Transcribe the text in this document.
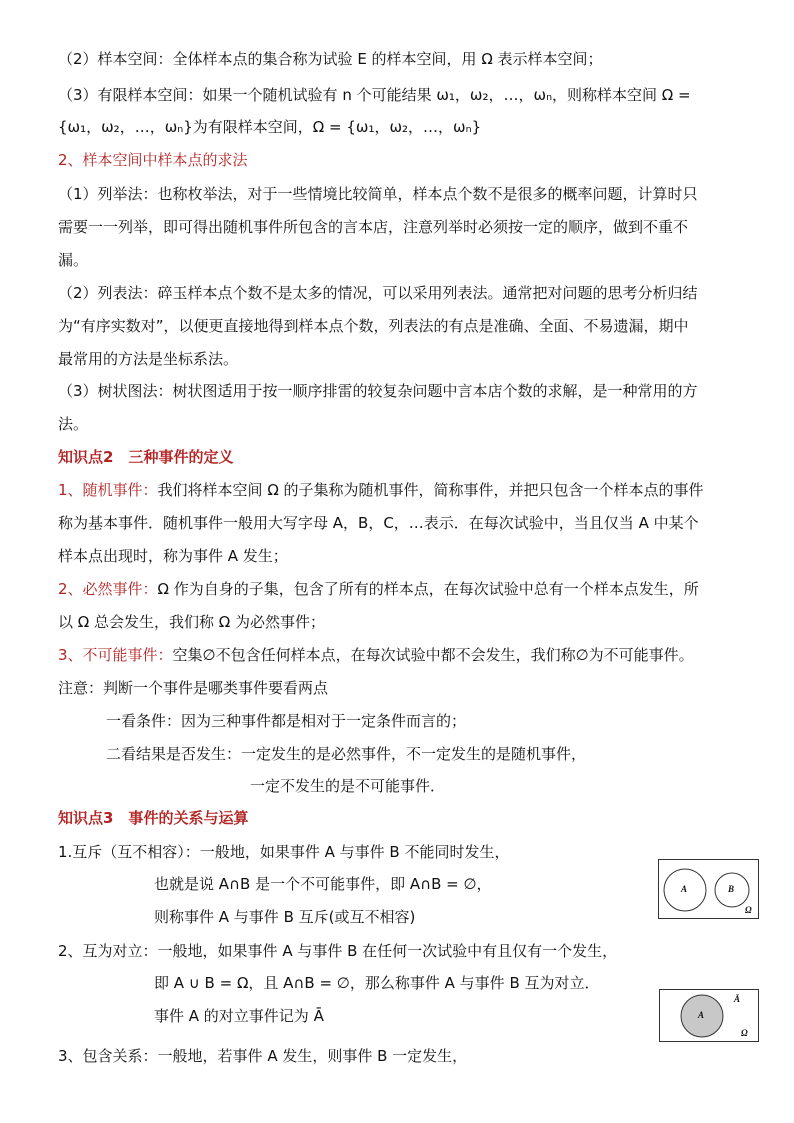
（2）样本空间：全体样本点的集合称为试验 E 的样本空间，用 Ω 表示样本空间；
（3）有限样本空间：如果一个随机试验有 n 个可能结果 ω₁，ω₂，…，ωₙ，则称样本空间 Ω =
{ω₁，ω₂，…，ωₙ}为有限样本空间，Ω = {ω₁，ω₂，…，ωₙ}
2、样本空间中样本点的求法
（1）列举法：也称枚举法，对于一些情境比较简单，样本点个数不是很多的概率问题，计算时只
需要一一列举，即可得出随机事件所包含的言本店，注意列举时必须按一定的顺序，做到不重不
漏。
（2）列表法：碎玉样本点个数不是太多的情况，可以采用列表法。通常把对问题的思考分析归结
为“有序实数对”，以便更直接地得到样本点个数，列表法的有点是准确、全面、不易遗漏，期中
最常用的方法是坐标系法。
（3）树状图法：树状图适用于按一顺序排雷的较复杂问题中言本店个数的求解，是一种常用的方
法。
知识点2　三种事件的定义
1、随机事件：我们将样本空间 Ω 的子集称为随机事件，简称事件，并把只包含一个样本点的事件
称为基本事件．随机事件一般用大写字母 A，B，C，…表示．在每次试验中，当且仅当 A 中某个
样本点出现时，称为事件 A 发生；
2、必然事件：Ω 作为自身的子集，包含了所有的样本点，在每次试验中总有一个样本点发生，所
以 Ω 总会发生，我们称 Ω 为必然事件；
3、不可能事件：空集∅不包含任何样本点，在每次试验中都不会发生，我们称∅为不可能事件。
注意：判断一个事件是哪类事件要看两点
一看条件：因为三种事件都是相对于一定条件而言的；
二看结果是否发生：一定发生的是必然事件，不一定发生的是随机事件，
一定不发生的是不可能事件．
知识点3　事件的关系与运算
1.互斥（互不相容）：一般地，如果事件 A 与事件 B 不能同时发生，
也就是说 A∩B 是一个不可能事件，即 A∩B = ∅，
则称事件 A 与事件 B 互斥(或互不相容)
2、互为对立：一般地，如果事件 A 与事件 B 在任何一次试验中有且仅有一个发生，
即 A ∪ B = Ω，且 A∩B = ∅，那么称事件 A 与事件 B 互为对立．
事件 A 的对立事件记为 Ā
3、包含关系：一般地，若事件 A 发生，则事件 B 一定发生，
A	B
Ω
A
Ā
Ω
